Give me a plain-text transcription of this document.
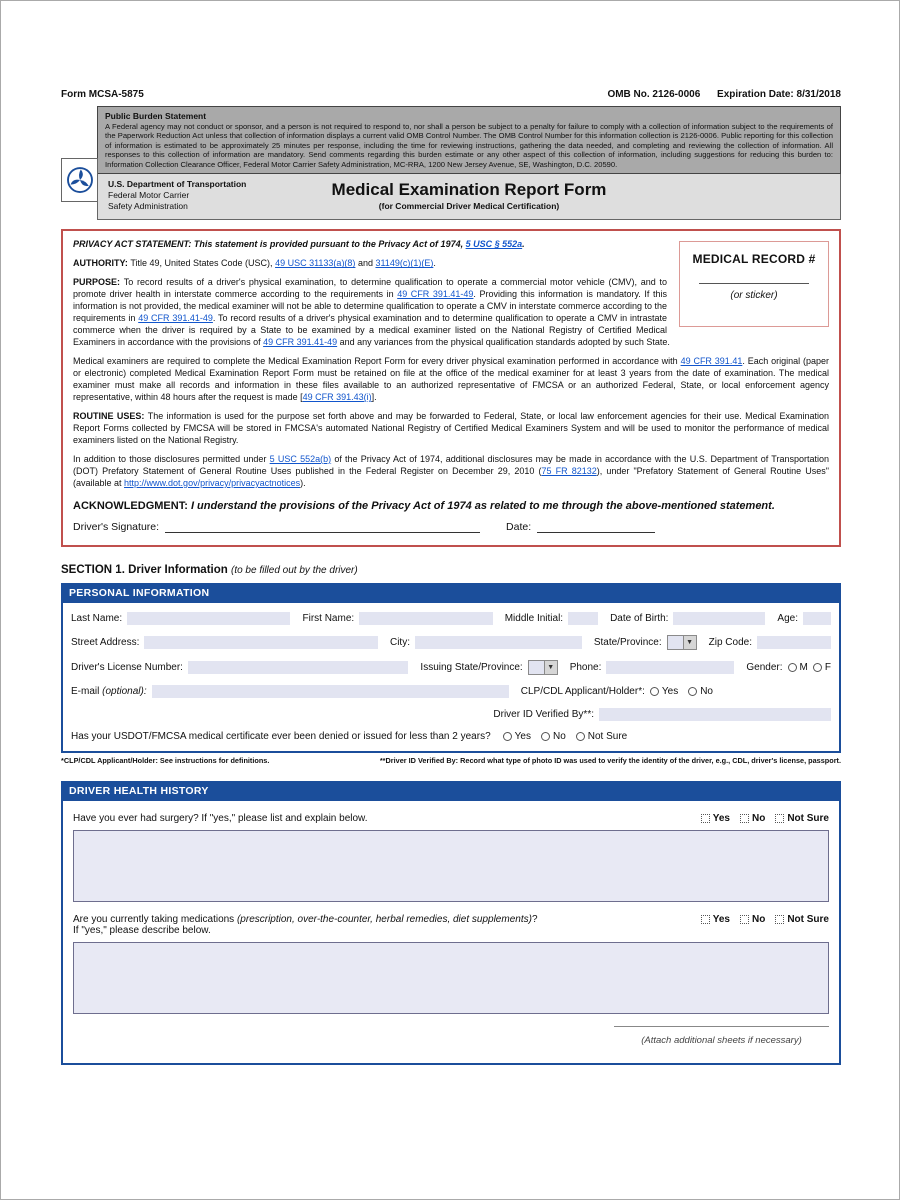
Form MCSA-5875	OMB No. 2126-0006 Expiration Date: 8/31/2018
Public Burden Statement
A Federal agency may not conduct or sponsor, and a person is not required to respond to, nor shall a person be subject to a penalty for failure to comply with a collection of information subject to the requirements of the Paperwork Reduction Act unless that collection of information displays a current valid OMB Control Number. The OMB Control Number for this information collection is 2126-0006. Public reporting for this collection of information is estimated to be approximately 25 minutes per response, including the time for reviewing instructions, gathering the data needed, and completing and reviewing the collection of information. All responses to this collection of information are mandatory. Send comments regarding this burden estimate or any other aspect of this collection of information, including suggestions for reducing this burden to: Information Collection Clearance Officer, Federal Motor Carrier Safety Administration, MC-RRA, 1200 New Jersey Avenue, SE, Washington, D.C. 20590.
U.S. Department of Transportation
Federal Motor Carrier
Safety Administration
Medical Examination Report Form
(for Commercial Driver Medical Certification)
MEDICAL RECORD #
(or sticker)

PRIVACY ACT STATEMENT: This statement is provided pursuant to the Privacy Act of 1974, 5 USC § 552a.

AUTHORITY: Title 49, United States Code (USC), 49 USC 31133(a)(8) and 31149(c)(1)(E).

PURPOSE: To record results of a driver's physical examination, to determine qualification to operate a commercial motor vehicle (CMV), and to promote driver health in interstate commerce according to the requirements in 49 CFR 391.41-49. Providing this information is mandatory. If this information is not provided, the medical examiner will not be able to determine qualification to operate a CMV in interstate commerce according to the requirements in 49 CFR 391.41-49. To record results of a driver's physical examination and to determine qualification to operate a CMV in intrastate commerce when the driver is required by a State to be examined by a medical examiner listed on the National Registry of Certified Medical Examiners in accordance with the provisions of 49 CFR 391.41-49 and any variances from the physical qualification standards adopted by such State.

Medical examiners are required to complete the Medical Examination Report Form for every driver physical examination performed in accordance with 49 CFR 391.41. Each original (paper or electronic) completed Medical Examination Report Form must be retained on file at the office of the medical examiner for at least 3 years from the date of examination. The medical examiner must make all records and information in these files available to an authorized representative of FMCSA or an authorized Federal, State, or local enforcement agency representative, within 48 hours after the request is made [49 CFR 391.43(i)].

ROUTINE USES: The information is used for the purpose set forth above and may be forwarded to Federal, State, or local law enforcement agencies for their use. Medical Examination Report Forms collected by FMCSA will be stored in FMCSA's automated National Registry of Certified Medical Examiners System and will be used to monitor the performance of medical examiners listed on the National Registry.

In addition to those disclosures permitted under 5 USC 552a(b) of the Privacy Act of 1974, additional disclosures may be made in accordance with the U.S. Department of Transportation (DOT) Prefatory Statement of General Routine Uses published in the Federal Register on December 29, 2010 (75 FR 82132), under "Prefatory Statement of General Routine Uses" (available at http://www.dot.gov/privacy/privacyactnotices).

ACKNOWLEDGMENT: I understand the provisions of the Privacy Act of 1974 as related to me through the above-mentioned statement.
Driver's Signature:	Date:
SECTION 1. Driver Information (to be filled out by the driver)
PERSONAL INFORMATION
Last Name:	First Name:	Middle Initial:	Date of Birth:	Age:
Street Address:	City:	State/Province:	▼ Zip Code:
Driver's License Number:	Issuing State/Province:	▼ Phone:	Gender: M F
E-mail (optional):	CLP/CDL Applicant/Holder*: Yes No
Driver ID Verified By**:
Has your USDOT/FMCSA medical certificate ever been denied or issued for less than 2 years? Yes No Not Sure
*CLP/CDL Applicant/Holder: See instructions for definitions.	**Driver ID Verified By: Record what type of photo ID was used to verify the identity of the driver, e.g., CDL, driver's license, passport.
DRIVER HEALTH HISTORY
Have you ever had surgery? If "yes," please list and explain below.	Yes No Not Sure
Are you currently taking medications (prescription, over-the-counter, herbal remedies, diet supplements)?
If "yes," please describe below.
Yes No Not Sure
(Attach additional sheets if necessary)
